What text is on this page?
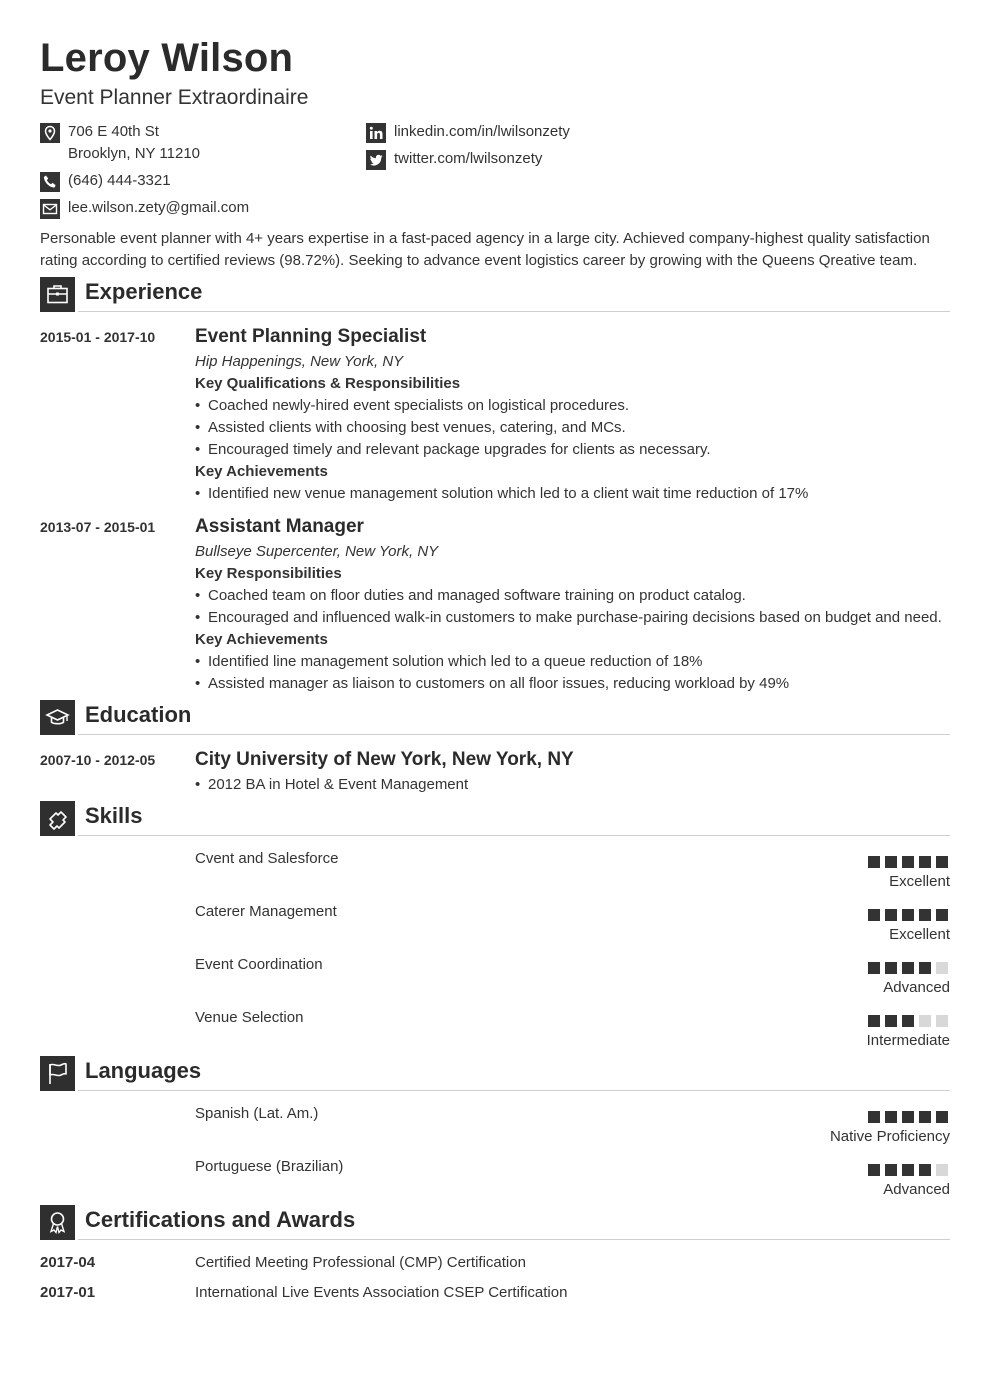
Leroy Wilson
Event Planner Extraordinaire
706 E 40th St
Brooklyn, NY 11210
(646) 444-3321
lee.wilson.zety@gmail.com
linkedin.com/in/lwilsonzety
twitter.com/lwilsonzety
Personable event planner with 4+ years expertise in a fast-paced agency in a large city. Achieved company-highest quality satisfaction
rating according to certified reviews (98.72%). Seeking to advance event logistics career by growing with the Queens Qreative team.
Experience
2015-01 - 2017-10 Event Planning Specialist
Hip Happenings, New York, NY
Key Qualifications & Responsibilities
• Coached newly-hired event specialists on logistical procedures.
• Assisted clients with choosing best venues, catering, and MCs.
• Encouraged timely and relevant package upgrades for clients as necessary.
Key Achievements
• Identified new venue management solution which led to a client wait time reduction of 17%
2013-07 - 2015-01 Assistant Manager
Bullseye Supercenter, New York, NY
Key Responsibilities
• Coached team on floor duties and managed software training on product catalog.
• Encouraged and influenced walk-in customers to make purchase-pairing decisions based on budget and need.
Key Achievements
• Identified line management solution which led to a queue reduction of 18%
• Assisted manager as liaison to customers on all floor issues, reducing workload by 49%
Education
2007-10 - 2012-05 City University of New York, New York, NY
• 2012 BA in Hotel & Event Management
Skills
Cvent and Salesforce
Excellent
Caterer Management
Excellent
Event Coordination
Advanced
Venue Selection
Intermediate
Languages
Spanish (Lat. Am.)
Native Proficiency
Portuguese (Brazilian)
Advanced
Certifications and Awards
2017-04	Certified Meeting Professional (CMP) Certification
2017-01	International Live Events Association CSEP Certification
